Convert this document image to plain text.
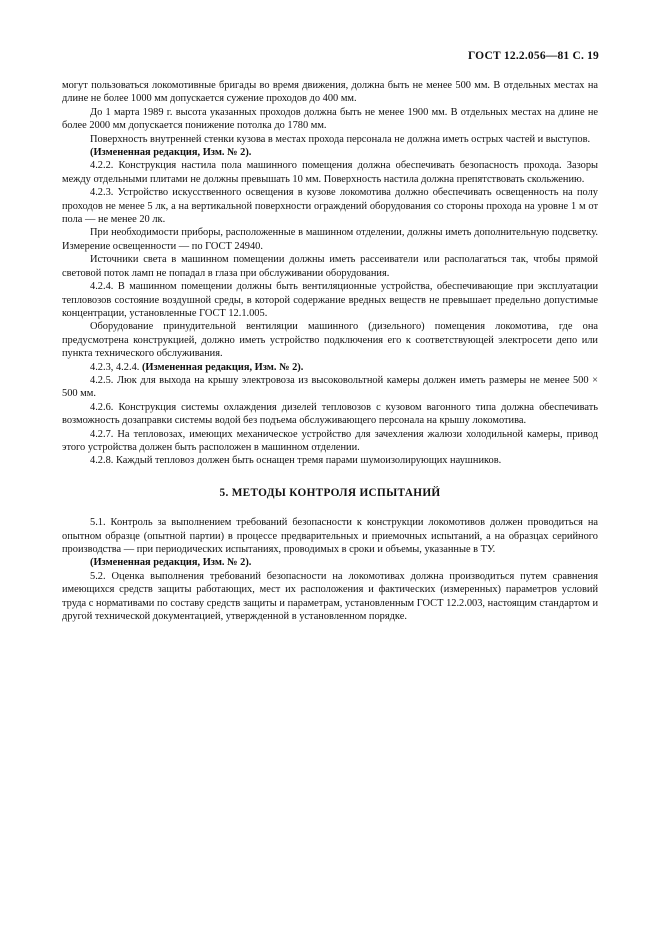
ГОСТ 12.2.056—81 С. 19

могут пользоваться локомотивные бригады во время движения, должна быть не менее 500 мм. В отдельных местах на длине не более 1000 мм допускается сужение проходов до 400 мм.

До 1 марта 1989 г. высота указанных проходов должна быть не менее 1900 мм. В отдельных местах на длине не более 2000 мм допускается понижение потолка до 1780 мм.

Поверхность внутренней стенки кузова в местах прохода персонала не должна иметь острых частей и выступов.

(Измененная редакция, Изм. № 2).

4.2.2. Конструкция настила пола машинного помещения должна обеспечивать безопасность прохода. Зазоры между отдельными плитами не должны превышать 10 мм. Поверхность настила должна препятствовать скольжению.

4.2.3. Устройство искусственного освещения в кузове локомотива должно обеспечивать освещенность на полу проходов не менее 5 лк, а на вертикальной поверхности ограждений оборудования со стороны прохода на уровне 1 м от пола — не менее 20 лк.

При необходимости приборы, расположенные в машинном отделении, должны иметь дополнительную подсветку. Измерение освещенности — по ГОСТ 24940.

Источники света в машинном помещении должны иметь рассеиватели или располагаться так, чтобы прямой световой поток ламп не попадал в глаза при обслуживании оборудования.

4.2.4. В машинном помещении должны быть вентиляционные устройства, обеспечивающие при эксплуатации тепловозов состояние воздушной среды, в которой содержание вредных веществ не превышает предельно допустимые концентрации, установленные ГОСТ 12.1.005.

Оборудование принудительной вентиляции машинного (дизельного) помещения локомотива, где она предусмотрена конструкцией, должно иметь устройство подключения его к соответствующей электросети депо или пункта технического обслуживания.

4.2.3, 4.2.4. (Измененная редакция, Изм. № 2).

4.2.5. Люк для выхода на крышу электровоза из высоковольтной камеры должен иметь размеры не менее 500 × 500 мм.

4.2.6. Конструкция системы охлаждения дизелей тепловозов с кузовом вагонного типа должна обеспечивать возможность дозаправки системы водой без подъема обслуживающего персонала на крышу локомотива.

4.2.7. На тепловозах, имеющих механическое устройство для зачехления жалюзи холодильной камеры, привод этого устройства должен быть расположен в машинном отделении.

4.2.8. Каждый тепловоз должен быть оснащен тремя парами шумоизолирующих наушников.

5. МЕТОДЫ КОНТРОЛЯ ИСПЫТАНИЙ

5.1. Контроль за выполнением требований безопасности к конструкции локомотивов должен проводиться на опытном образце (опытной партии) в процессе предварительных и приемочных испытаний, а на образцах серийного производства — при периодических испытаниях, проводимых в сроки и объемы, указанные в ТУ.

(Измененная редакция, Изм. № 2).

5.2. Оценка выполнения требований безопасности на локомотивах должна производиться путем сравнения имеющихся средств защиты работающих, мест их расположения и фактических (измеренных) параметров условий труда с нормативами по составу средств защиты и параметрам, установленным ГОСТ 12.2.003, настоящим стандартом и другой технической документацией, утвержденной в установленном порядке.
